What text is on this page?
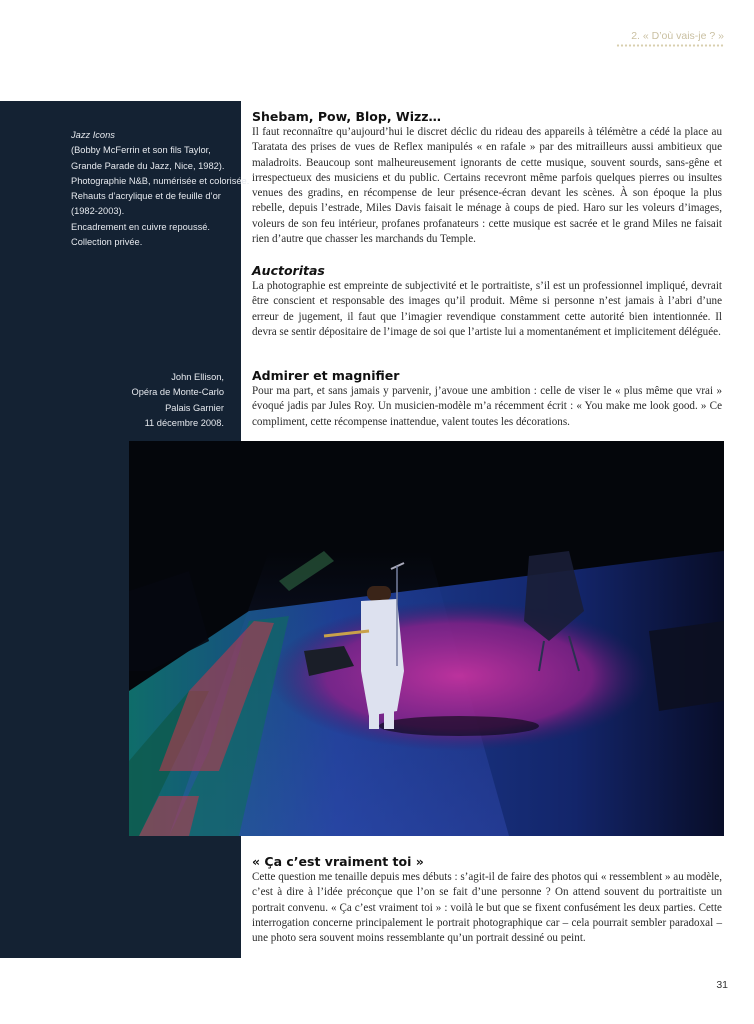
2. « D’où vais-je ? »
Jazz Icons
(Bobby McFerrin et son fils Taylor,
Grande Parade du Jazz, Nice, 1982).
Photographie N&B, numérisée et colorisée.
Rehauts d’acrylique et de feuille d’or
(1982-2003).
Encadrement en cuivre repoussé.
Collection privée.
John Ellison,
Opéra de Monte-Carlo
Palais Garnier
11 décembre 2008.
Shebam, Pow, Blop, Wizz…

Il faut reconnaître qu’aujourd’hui le discret déclic du rideau des appareils à télémètre a cédé la place au Taratata des prises de vues de Reflex manipulés « en rafale » par des mitrailleurs aussi ambitieux que maladroits. Beaucoup sont malheureusement ignorants de cette musique, souvent sourds, sans-gêne et irrespectueux des musiciens et du public. Certains recevront même parfois quelques pierres ou insultes venues des gradins, en récompense de leur présence-écran devant les scènes. À son époque la plus rebelle, depuis l’estrade, Miles Davis faisait le ménage à coups de pied. Haro sur les voleurs d’images, voleurs de son feu intérieur, profanes profanateurs : cette musique est sacrée et le grand Miles ne faisait rien d’autre que chasser les marchands du Temple.

Auctoritas

La photographie est empreinte de subjectivité et le portraitiste, s’il est un professionnel impliqué, devrait être conscient et responsable des images qu’il produit. Même si personne n’est jamais à l’abri d’une erreur de jugement, il faut que l’imagier revendique constamment cette autorité bien intentionnée. Il devra se sentir dépositaire de l’image de soi que l’artiste lui a momentanément et implicitement déléguée.

Admirer et magnifier

Pour ma part, et sans jamais y parvenir, j’avoue une ambition : celle de viser le « plus même que vrai » évoqué jadis par Jules Roy. Un musicien-modèle m’a récemment écrit : « You make me look good. » Ce compliment, cette récompense inattendue, valent toutes les décorations.

« Ça c’est vraiment toi »

Cette question me tenaille depuis mes débuts : s’agit-il de faire des photos qui « ressemblent » au modèle, c’est à dire à l’idée préconçue que l’on se fait d’une personne ? On attend souvent du portraitiste un portrait convenu. « Ça c’est vraiment toi » : voilà le but que se fixent confusément les deux parties. Cette interrogation concerne principalement le portrait photographique car – cela pourrait sembler paradoxal – une photo sera souvent moins ressemblante qu’un portrait dessiné ou peint.

31
